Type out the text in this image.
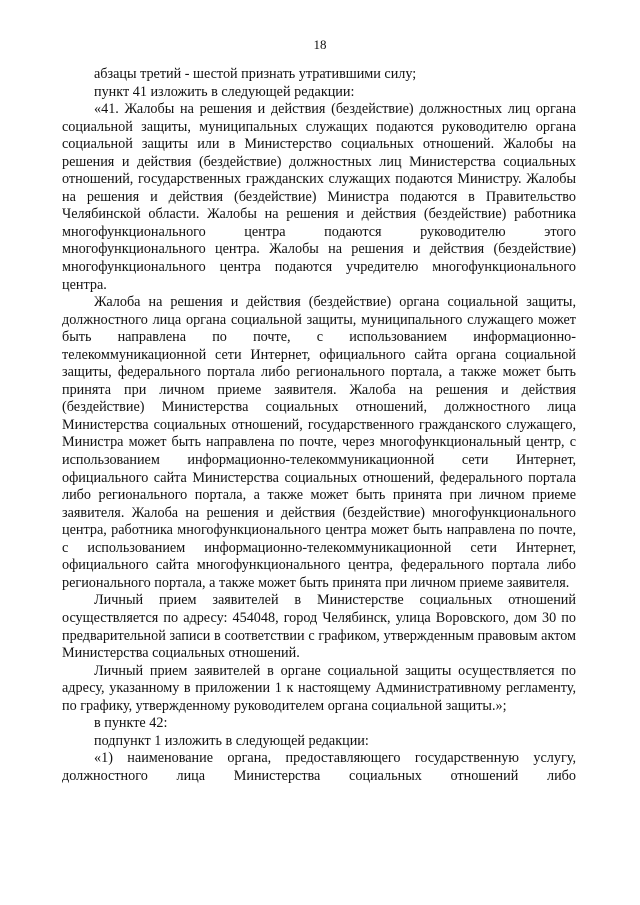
18

абзацы третий - шестой признать утратившими силу;

пункт 41 изложить в следующей редакции:

«41. Жалобы на решения и действия (бездействие) должностных лиц органа социальной защиты, муниципальных служащих подаются руководителю органа социальной защиты или в Министерство социальных отношений. Жалобы на решения и действия (бездействие) должностных лиц Министерства социальных отношений, государственных гражданских служащих подаются Министру. Жалобы на решения и действия (бездействие) Министра подаются в Правительство Челябинской области. Жалобы на решения и действия (бездействие) работника многофункционального центра подаются руководителю этого многофункционального центра. Жалобы на решения и действия (бездействие) многофункционального центра подаются учредителю многофункционального центра.

Жалоба на решения и действия (бездействие) органа социальной защиты, должностного лица органа социальной защиты, муниципального служащего может быть направлена по почте, с использованием информационно-телекоммуникационной сети Интернет, официального сайта органа социальной защиты, федерального портала либо регионального портала, а также может быть принята при личном приеме заявителя. Жалоба на решения и действия (бездействие) Министерства социальных отношений, должностного лица Министерства социальных отношений, государственного гражданского служащего, Министра может быть направлена по почте, через многофункциональный центр, с использованием информационно-телекоммуникационной сети Интернет, официального сайта Министерства социальных отношений, федерального портала либо регионального портала, а также может быть принята при личном приеме заявителя. Жалоба на решения и действия (бездействие) многофункционального центра, работника многофункционального центра может быть направлена по почте, с использованием информационно-телекоммуникационной сети Интернет, официального сайта многофункционального центра, федерального портала либо регионального портала, а также может быть принята при личном приеме заявителя.

Личный прием заявителей в Министерстве социальных отношений осуществляется по адресу: 454048, город Челябинск, улица Воровского, дом 30 по предварительной записи в соответствии с графиком, утвержденным правовым актом Министерства социальных отношений.

Личный прием заявителей в органе социальной защиты осуществляется по адресу, указанному в приложении 1 к настоящему Административному регламенту, по графику, утвержденному руководителем органа социальной защиты.»;

в пункте 42:

подпункт 1 изложить в следующей редакции:

«1) наименование органа, предоставляющего государственную услугу, должностного лица Министерства социальных отношений либо
